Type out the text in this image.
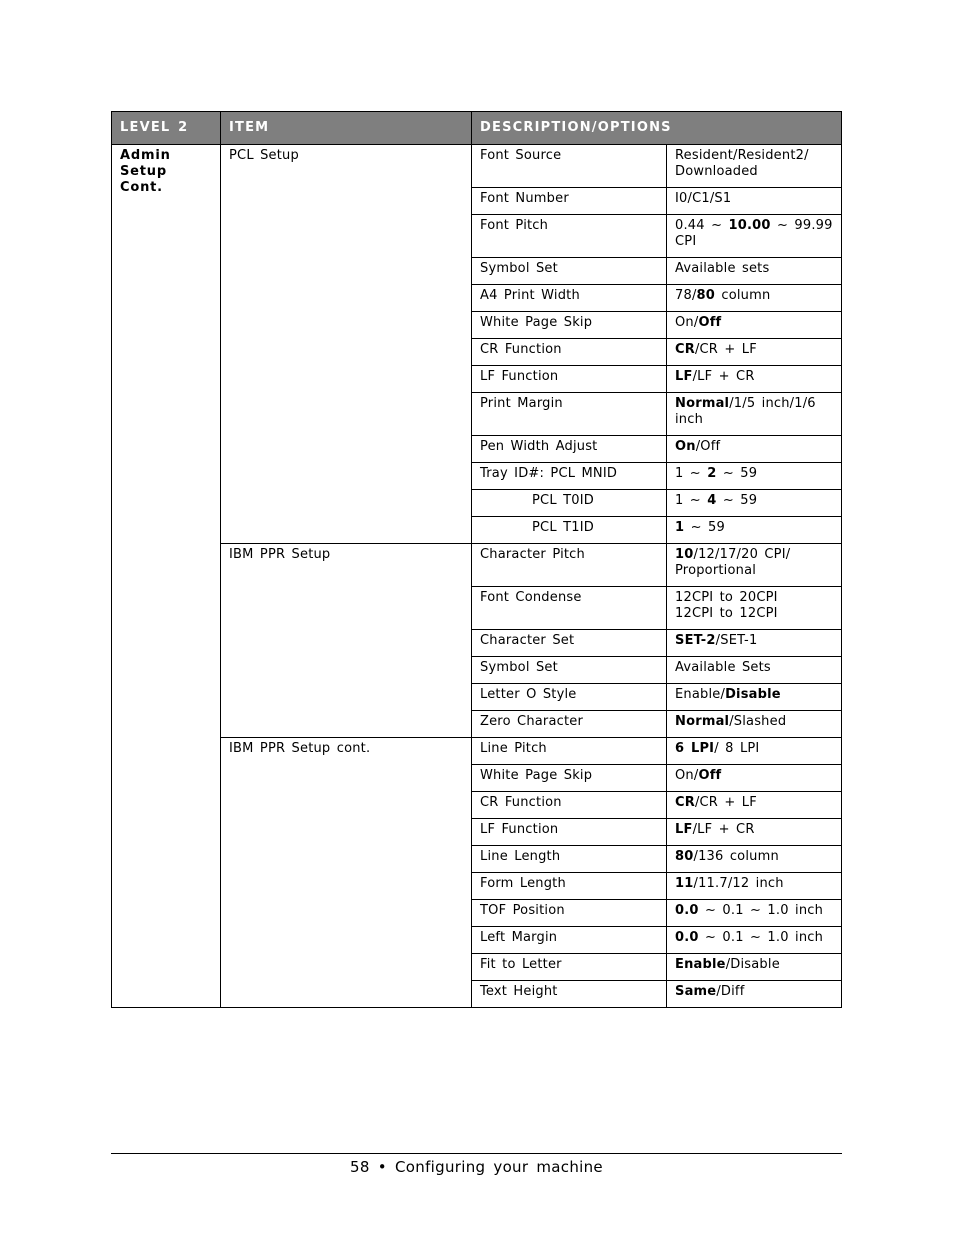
LEVEL 2	ITEM	DESCRIPTION/OPTIONS	
Admin
Setup Cont.	PCL Setup	Font Source	Resident/Resident2/ Downloaded
		Font Number	I0/C1/S1
		Font Pitch	0.44 ~ 10.00 ~ 99.99 CPI
		Symbol Set	Available sets
		A4 Print Width	78/80 column
		White Page Skip	On/Off
		CR Function	CR/CR + LF
		LF Function	LF/LF + CR
		Print Margin	Normal/1/5 inch/1/6 inch
		Pen Width Adjust	On/Off
		Tray ID#: PCL MNID	1 ~ 2 ~ 59
		PCL T0ID	1 ~ 4 ~ 59
		PCL T1ID	1 ~ 59
	IBM PPR Setup	Character Pitch	10/12/17/20 CPI/ Proportional
		Font Condense	12CPI to 20CPI
12CPI to 12CPI
		Character Set	SET-2/SET-1
		Symbol Set	Available Sets
		Letter O Style	Enable/Disable
		Zero Character	Normal/Slashed
	IBM PPR Setup cont.	Line Pitch	6 LPI/ 8 LPI
		White Page Skip	On/Off
		CR Function	CR/CR + LF
		LF Function	LF/LF + CR
		Line Length	80/136 column
		Form Length	11/11.7/12 inch
		TOF Position	0.0 ~ 0.1 ~ 1.0 inch
		Left Margin	0.0 ~ 0.1 ~ 1.0 inch
		Fit to Letter	Enable/Disable
		Text Height	Same/Diff
58 • Configuring your machine
